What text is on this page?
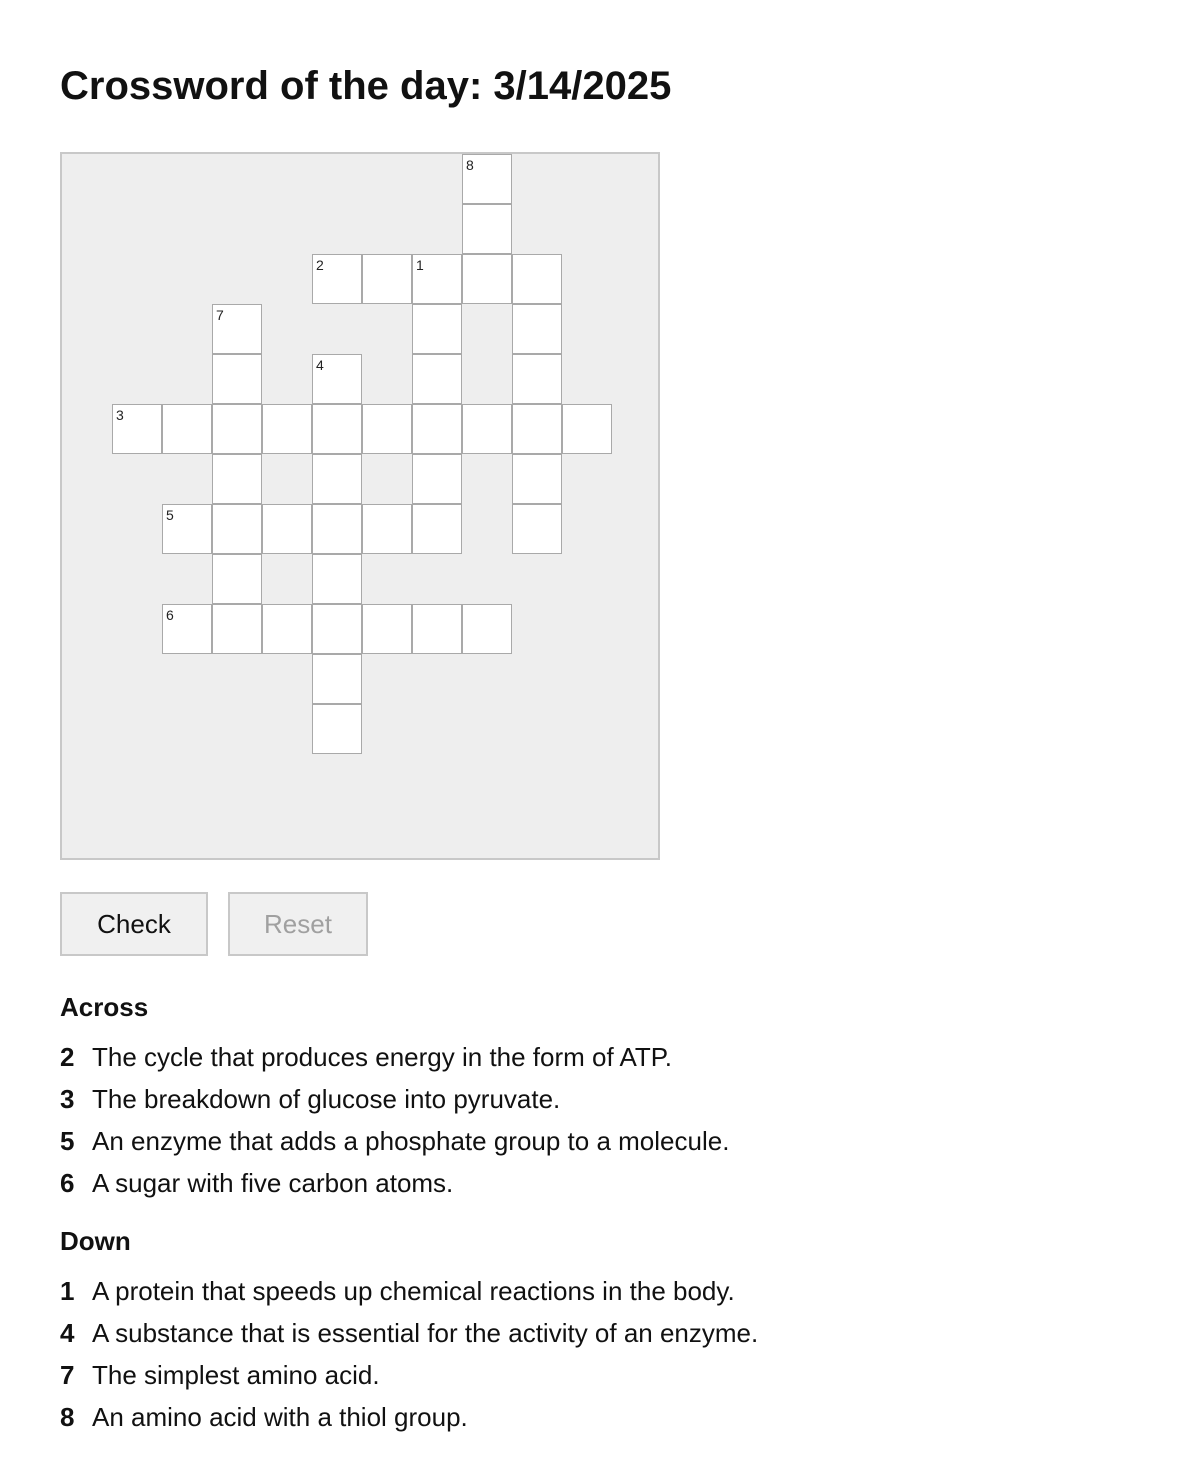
Crossword of the day: 3/14/2025
8
2	1
7
4
3
5
6
Check	Reset
Across
2 The cycle that produces energy in the form of ATP.
3 The breakdown of glucose into pyruvate.
5 An enzyme that adds a phosphate group to a molecule.
6 A sugar with five carbon atoms.
Down
1 A protein that speeds up chemical reactions in the body.
4 A substance that is essential for the activity of an enzyme.
7 The simplest amino acid.
8 An amino acid with a thiol group.
